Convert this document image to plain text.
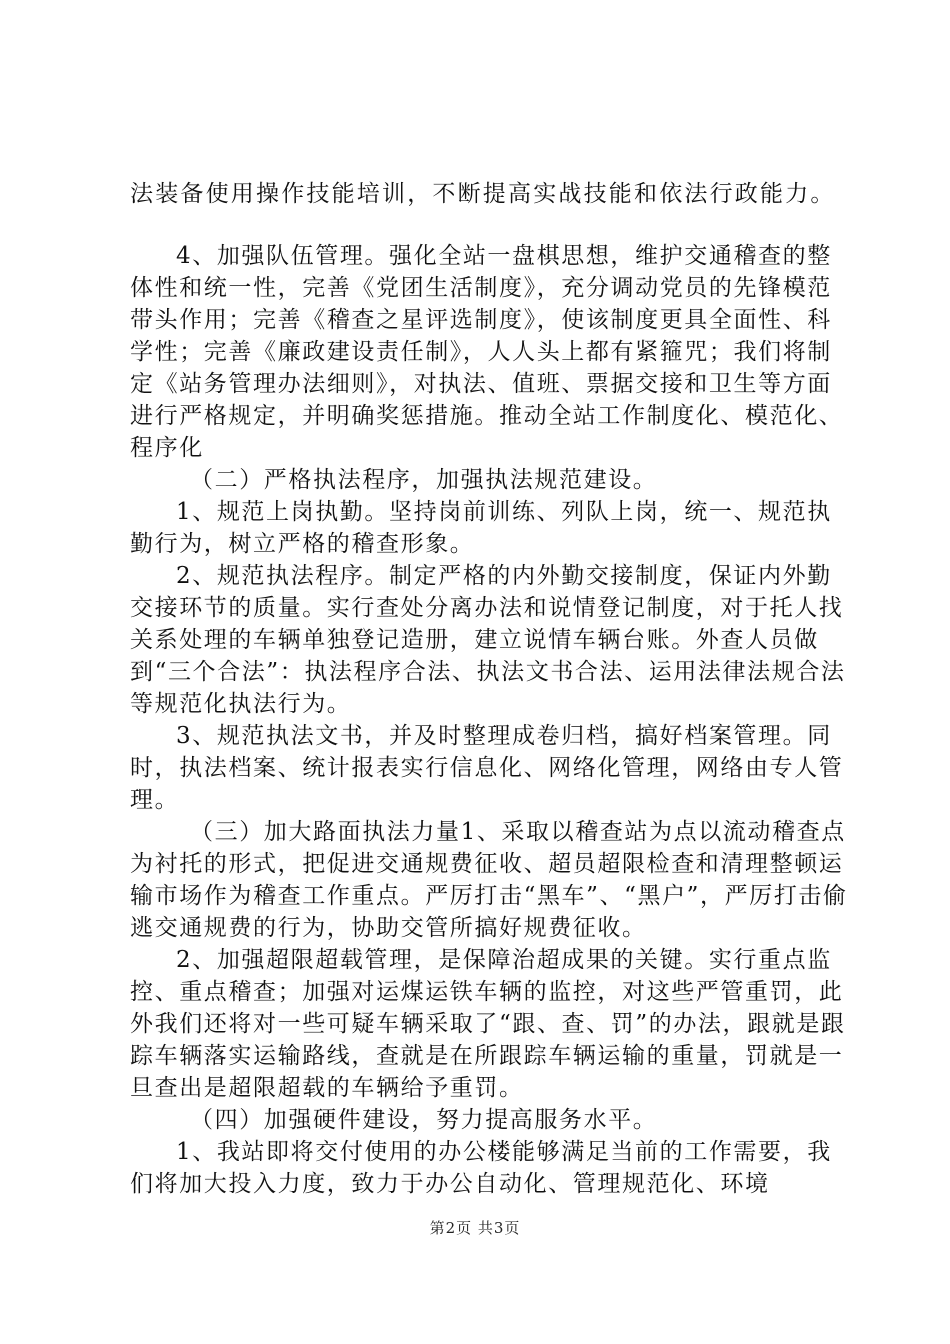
法装备使用操作技能培训，不断提高实战技能和依法行政能力。

4、加强队伍管理。强化全站一盘棋思想，维护交通稽查的整体性和统一性，完善《党团生活制度》，充分调动党员的先锋模范带头作用；完善《稽查之星评选制度》，使该制度更具全面性、科学性；完善《廉政建设责任制》，人人头上都有紧箍咒；我们将制定《站务管理办法细则》，对执法、值班、票据交接和卫生等方面进行严格规定，并明确奖惩措施。推动全站工作制度化、模范化、程序化

（二）严格执法程序，加强执法规范建设。

1、规范上岗执勤。坚持岗前训练、列队上岗，统一、规范执勤行为，树立严格的稽查形象。

2、规范执法程序。制定严格的内外勤交接制度，保证内外勤交接环节的质量。实行查处分离办法和说情登记制度，对于托人找关系处理的车辆单独登记造册，建立说情车辆台账。外查人员做到“三个合法”：执法程序合法、执法文书合法、运用法律法规合法等规范化执法行为。

3、规范执法文书，并及时整理成卷归档，搞好档案管理。同时，执法档案、统计报表实行信息化、网络化管理，网络由专人管理。

（三）加大路面执法力量1、采取以稽查站为点以流动稽查点为衬托的形式，把促进交通规费征收、超员超限检查和清理整顿运输市场作为稽查工作重点。严厉打击“黑车”、“黑户”，严厉打击偷逃交通规费的行为，协助交管所搞好规费征收。

2、加强超限超载管理，是保障治超成果的关键。实行重点监控、重点稽查；加强对运煤运铁车辆的监控，对这些严管重罚，此外我们还将对一些可疑车辆采取了“跟、查、罚”的办法，跟就是跟踪车辆落实运输路线，查就是在所跟踪车辆运输的重量，罚就是一旦查出是超限超载的车辆给予重罚。

（四）加强硬件建设，努力提高服务水平。

1、我站即将交付使用的办公楼能够满足当前的工作需要，我们将加大投入力度，致力于办公自动化、管理规范化、环境

第2页 共3页
